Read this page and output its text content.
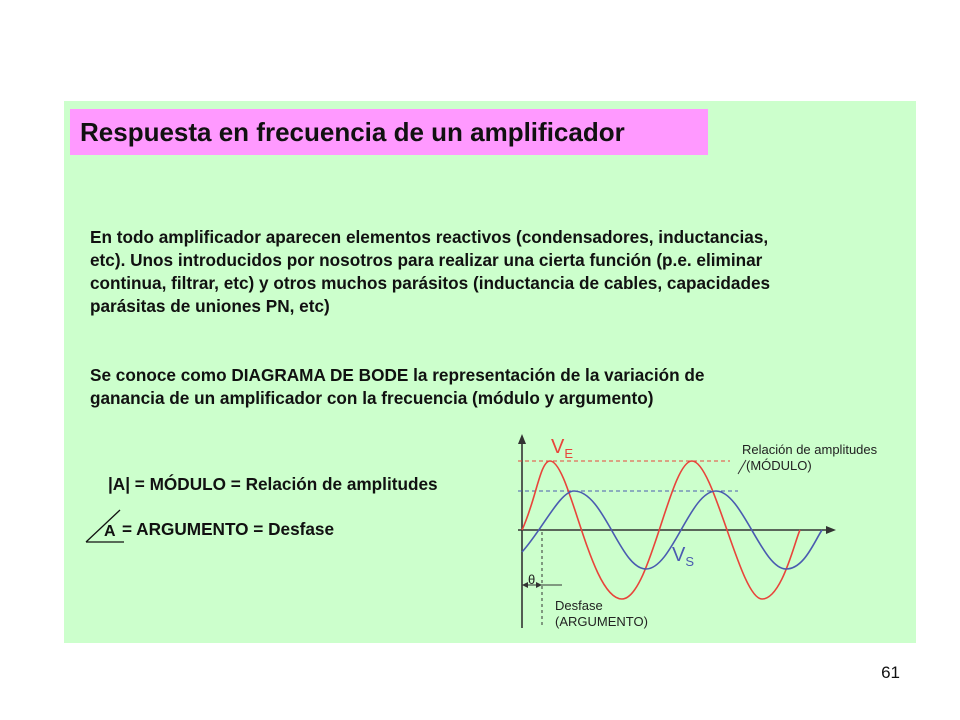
Respuesta en frecuencia de un amplificador

En todo amplificador aparecen elementos reactivos (condensadores, inductancias,
etc). Unos introducidos por nosotros para realizar una cierta función (p.e. eliminar
continua, filtrar, etc) y otros muchos parásitos (inductancia de cables, capacidades
parásitas de uniones PN, etc)

Se conoce como DIAGRAMA DE BODE la representación de la variación de
ganancia de un amplificador con la frecuencia (módulo y argumento)

|A| = MÓDULO = Relación de amplitudes
A = ARGUMENTO = Desfase
$V_E$
$V_S$
θ
Relación de amplitudes
(MÓDULO)
Desfase
(ARGUMENTO)
61
